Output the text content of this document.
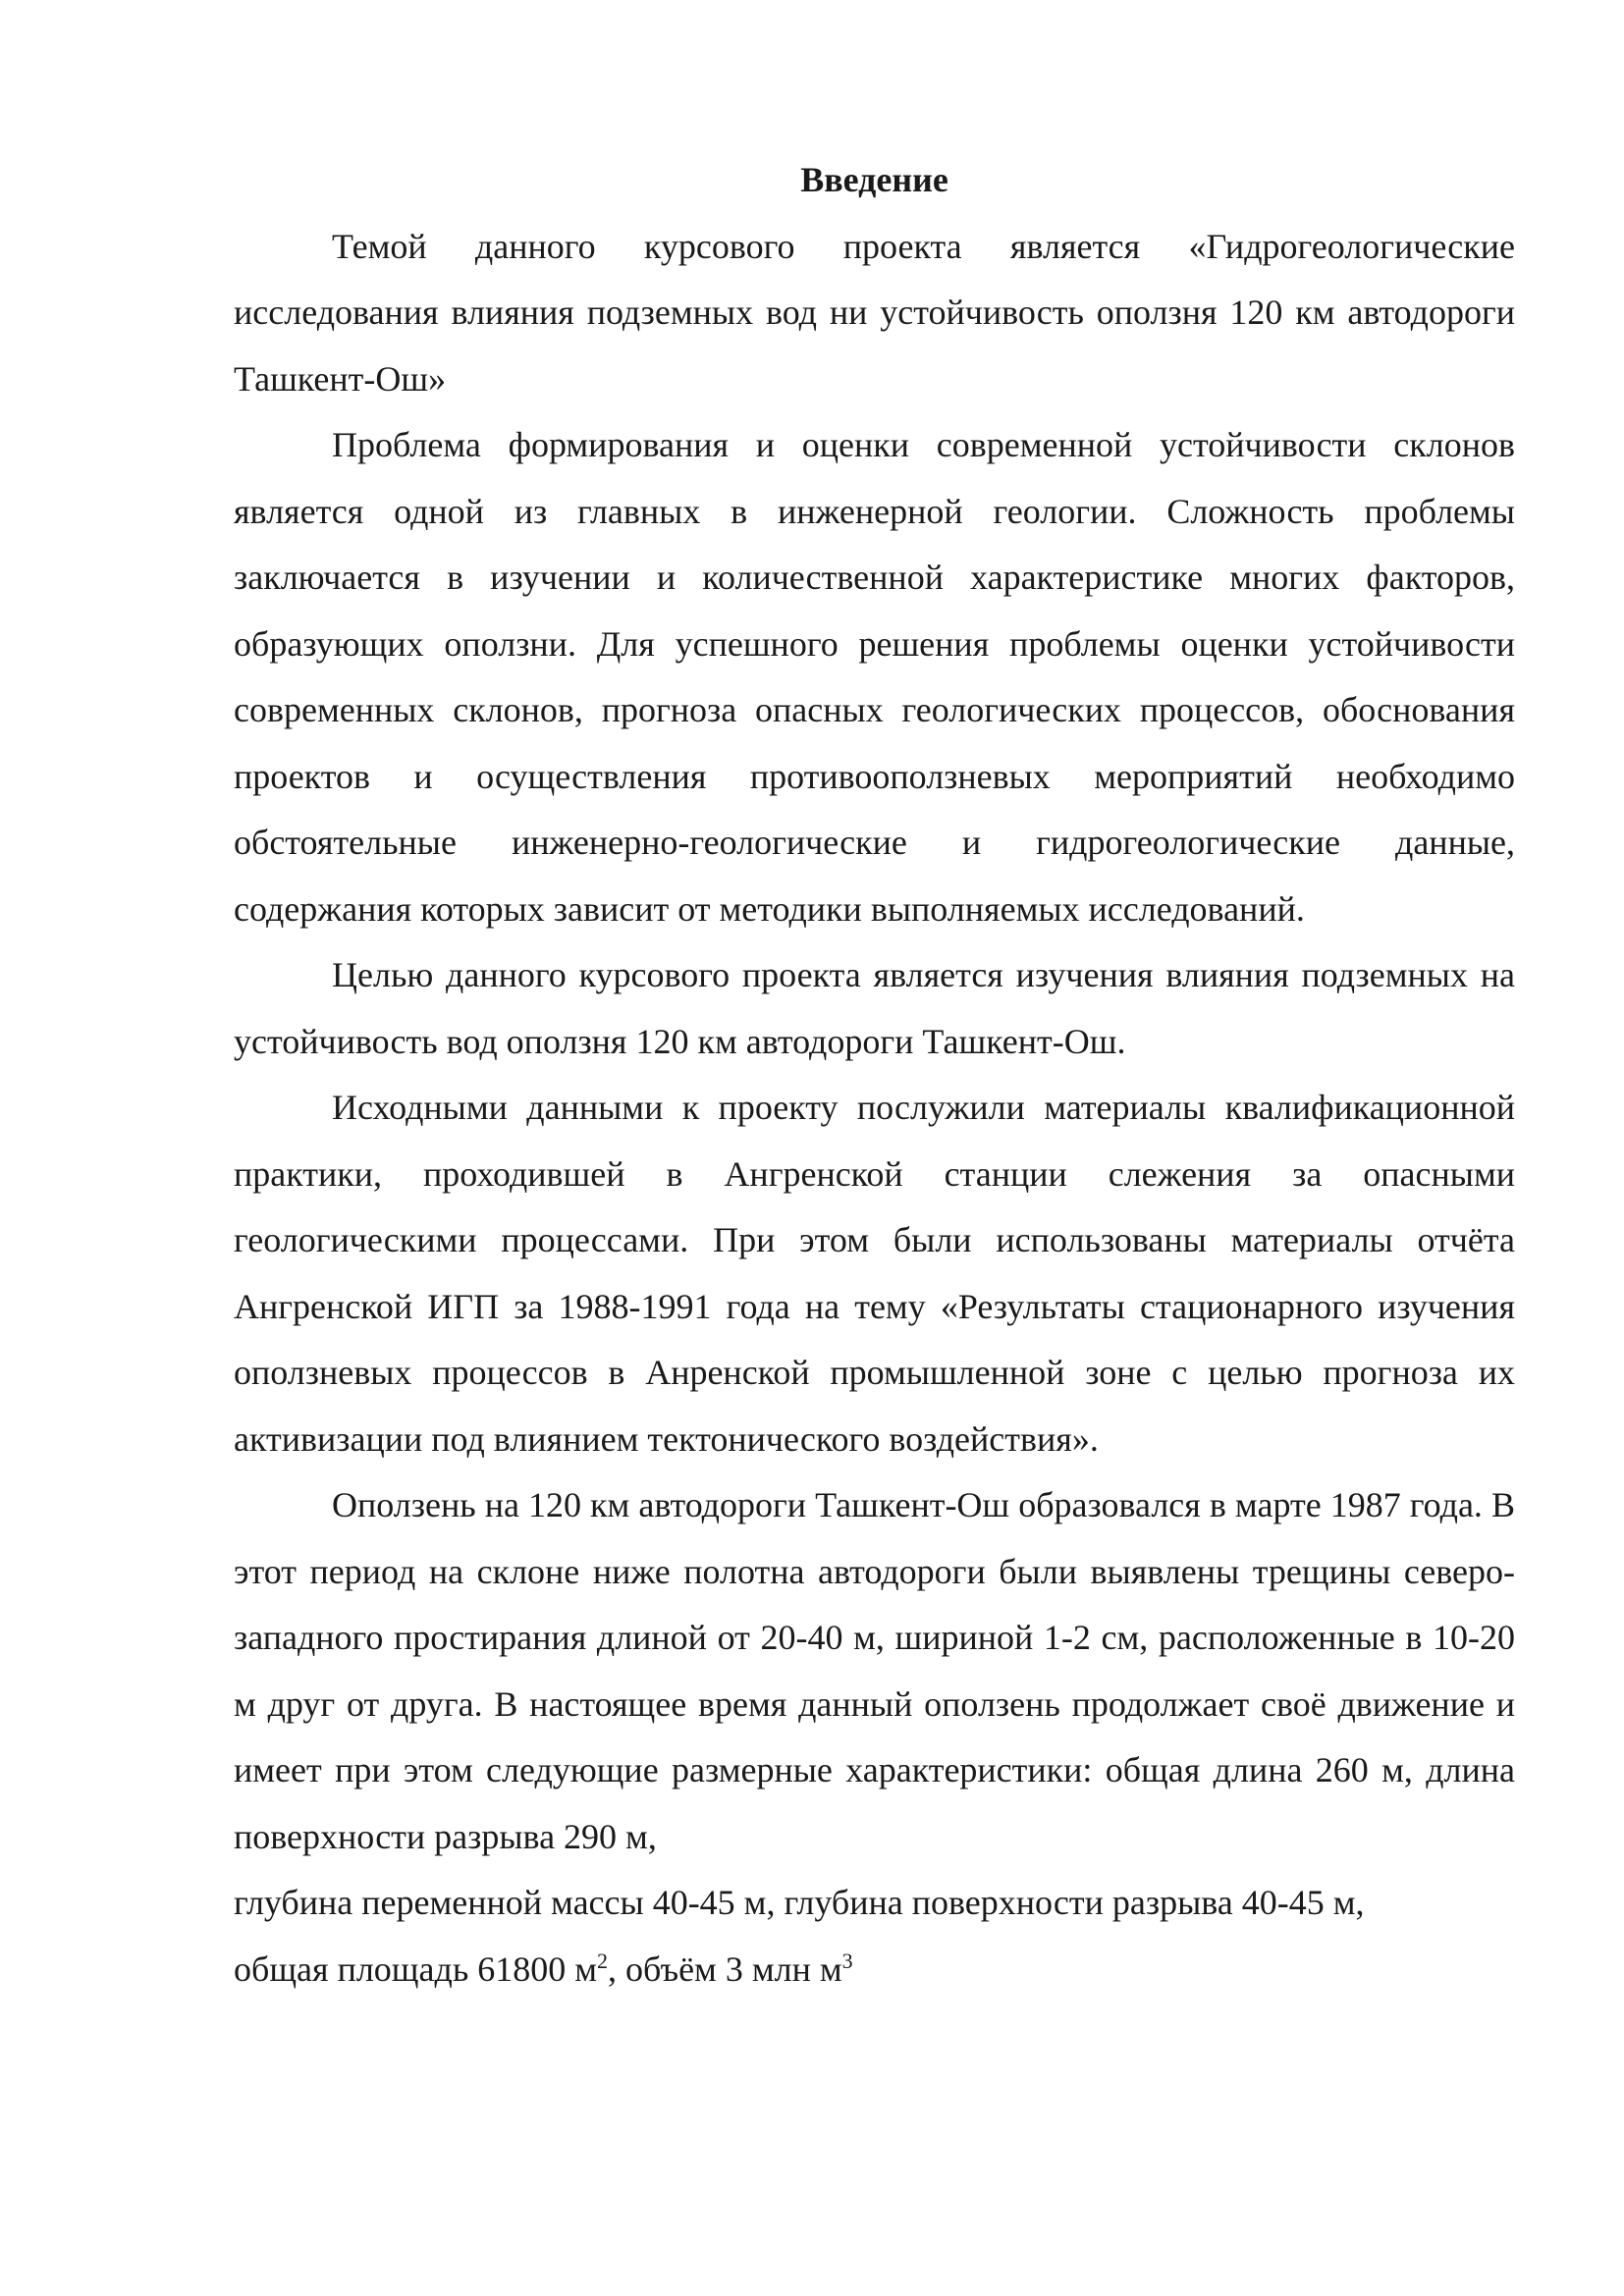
Введение

Темой данного курсового проекта является «Гидрогеологические исследования влияния подземных вод ни устойчивость оползня 120 км автодороги Ташкент-Ош»

Проблема формирования и оценки современной устойчивости склонов является одной из главных в инженерной геологии. Сложность проблемы заключается в изучении и количественной характеристике многих факторов, образующих оползни. Для успешного решения проблемы оценки устойчивости современных склонов, прогноза опасных геологических процессов, обоснования проектов и осуществления противооползневых мероприятий необходимо обстоятельные инженерно-геологические и гидрогеологические данные, содержания которых зависит от методики выполняемых исследований.

Целью данного курсового проекта является изучения влияния подземных на устойчивость вод оползня 120 км автодороги Ташкент-Ош.

Исходными данными к проекту послужили материалы квалификационной практики, проходившей в Ангренской станции слежения за опасными геологическими процессами. При этом были использованы материалы отчёта Ангренской ИГП за 1988-1991 года на тему «Результаты стационарного изучения оползневых процессов в Анренской промышленной зоне с целью прогноза их активизации под влиянием тектонического воздействия».

Оползень на 120 км автодороги Ташкент-Ош образовался в марте 1987 года. В этот период на склоне ниже полотна автодороги были выявлены трещины северо-западного простирания длиной от 20-40 м, шириной 1-2 см, расположенные в 10-20 м друг от друга. В настоящее время данный оползень продолжает своё движение и имеет при этом следующие размерные характеристики: общая длина 260 м, длина поверхности разрыва 290 м,

глубина переменной массы 40-45 м, глубина поверхности разрыва 40-45 м,

общая площадь 61800 $м^2$, объём 3 млн $м^3$
